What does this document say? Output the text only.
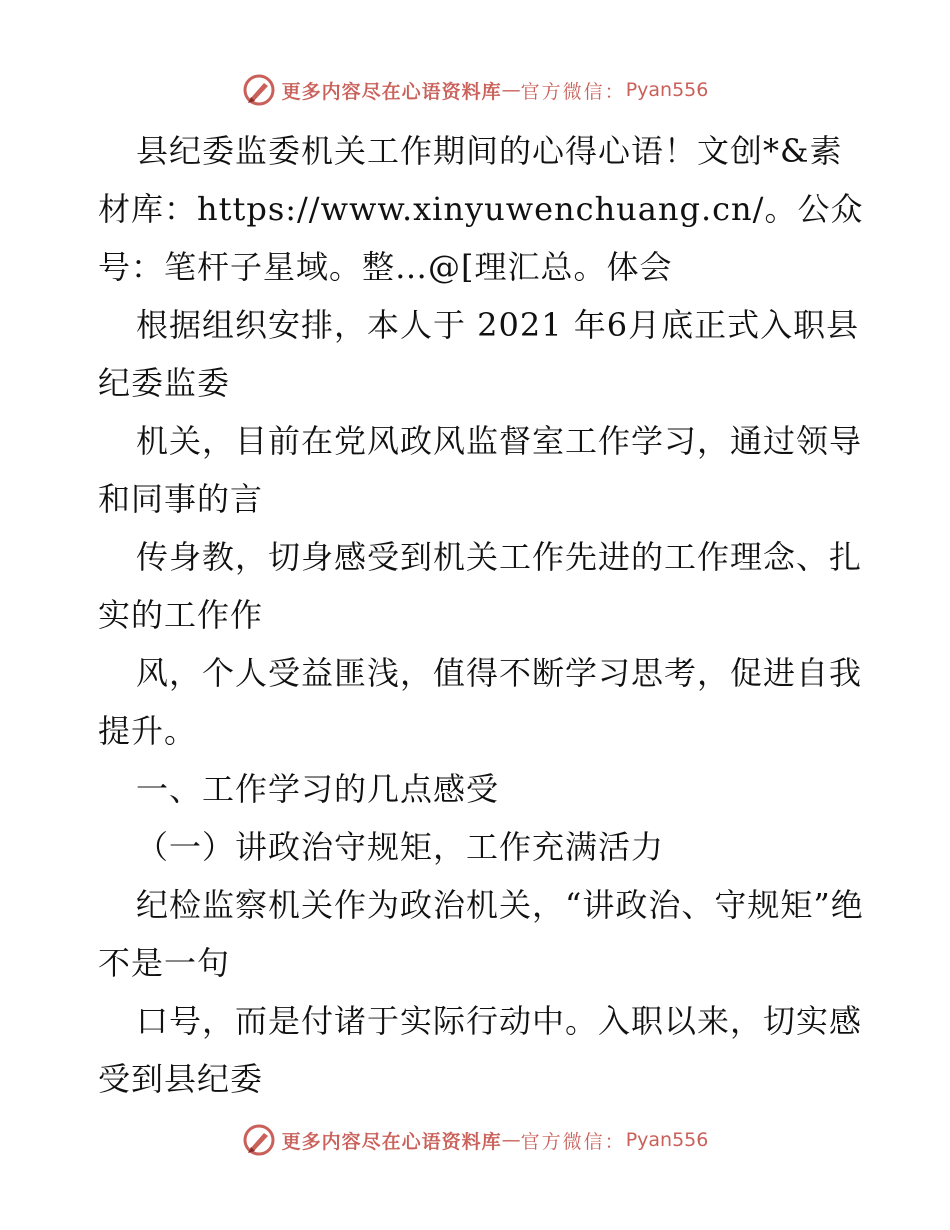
更多内容尽在心语资料库 — 官方微信： Pyan556

县纪委监委机关工作期间的心得心语！文创*&素材库：https://www.xinyuwenchuang.cn/。公众号：笔杆子星域。整…@[理汇总。体会

根据组织安排，本人于 2021 年6月底正式入职县纪委监委

机关，目前在党风政风监督室工作学习，通过领导和同事的言

传身教，切身感受到机关工作先进的工作理念、扎实的工作作

风，个人受益匪浅，值得不断学习思考，促进自我提升。

一、工作学习的几点感受

（一）讲政治守规矩，工作充满活力

纪检监察机关作为政治机关，“讲政治、守规矩”绝不是一句

口号，而是付诸于实际行动中。入职以来，切实感受到县纪委

更多内容尽在心语资料库 — 官方微信： Pyan556
